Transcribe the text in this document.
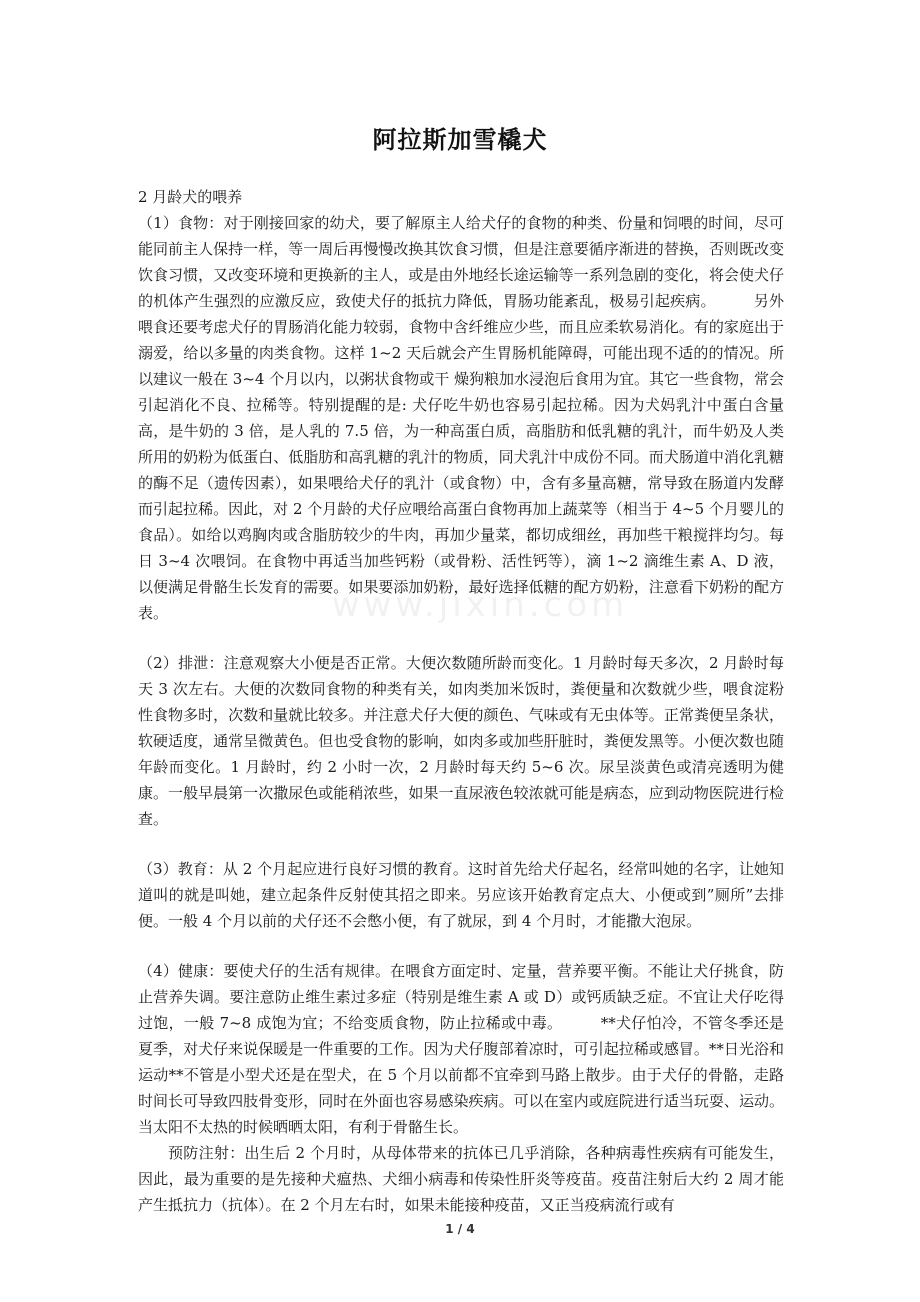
www.jixin.com
阿拉斯加雪橇犬

2 月龄犬的喂养

（1）食物：对于刚接回家的幼犬，要了解原主人给犬仔的食物的种类、份量和饲喂的时间，尽可能同前主人保持一样，等一周后再慢慢改换其饮食习惯，但是注意要循序渐进的替换，否则既改变饮食习惯，又改变环境和更换新的主人，或是由外地经长途运输等一系列急剧的变化，将会使犬仔的机体产生强烈的应激反应，致使犬仔的抵抗力降低，胃肠功能紊乱，极易引起疾病。　　　另外喂食还要考虑犬仔的胃肠消化能力较弱，食物中含纤维应少些，而且应柔软易消化。有的家庭出于溺爱，给以多量的肉类食物。这样 1~2 天后就会产生胃肠机能障碍，可能出现不适的的情况。所以建议一般在 3~4 个月以内，以粥状食物或干 燥狗粮加水浸泡后食用为宜。其它一些食物，常会引起消化不良、拉稀等。特别提醒的是: 犬仔吃牛奶也容易引起拉稀。因为犬妈乳汁中蛋白含量高，是牛奶的 3 倍，是人乳的 7.5 倍，为一种高蛋白质，高脂肪和低乳糖的乳汁，而牛奶及人类所用的奶粉为低蛋白、低脂肪和高乳糖的乳汁的物质，同犬乳汁中成份不同。而犬肠道中消化乳糖的酶不足（遗传因素），如果喂给犬仔的乳汁（或食物）中，含有多量高糖，常导致在肠道内发酵而引起拉稀。因此，对 2 个月龄的犬仔应喂给高蛋白食物再加上蔬菜等（相当于 4~5 个月婴儿的食品）。如给以鸡胸肉或含脂肪较少的牛肉，再加少量菜，都切成细丝，再加些干粮搅拌均匀。每日 3~4 次喂饲。在食物中再适当加些钙粉（或骨粉、活性钙等），滴 1~2 滴维生素 A、D 液，以便满足骨骼生长发育的需要。如果要添加奶粉，最好选择低糖的配方奶粉，注意看下奶粉的配方表。

（2）排泄：注意观察大小便是否正常。大便次数随所龄而变化。1 月龄时每天多次，2 月龄时每天 3 次左右。大便的次数同食物的种类有关，如肉类加米饭时，粪便量和次数就少些，喂食淀粉性食物多时，次数和量就比较多。并注意犬仔大便的颜色、气味或有无虫体等。正常粪便呈条状，软硬适度，通常呈微黄色。但也受食物的影响，如肉多或加些肝脏时，粪便发黑等。小便次数也随年龄而变化。1 月龄时，约 2 小时一次，2 月龄时每天约 5~6 次。尿呈淡黄色或清亮透明为健康。一般早晨第一次撒尿色或能稍浓些，如果一直尿液色较浓就可能是病态，应到动物医院进行检查。

（3）教育：从 2 个月起应进行良好习惯的教育。这时首先给犬仔起名，经常叫她的名字，让她知道叫的就是叫她，建立起条件反射使其招之即来。另应该开始教育定点大、小便或到”厕所”去排便。一般 4 个月以前的犬仔还不会憋小便，有了就尿，到 4 个月时，才能撒大泡尿。

（4）健康：要使犬仔的生活有规律。在喂食方面定时、定量，营养要平衡。不能让犬仔挑食，防止营养失调。要注意防止维生素过多症（特别是维生素 A 或 D）或钙质缺乏症。不宜让犬仔吃得过饱，一般 7~8 成饱为宜；不给变质食物，防止拉稀或中毒。　　　**犬仔怕冷，不管冬季还是夏季，对犬仔来说保暖是一件重要的工作。因为犬仔腹部着凉时，可引起拉稀或感冒。**日光浴和运动**不管是小型犬还是在型犬，在 5 个月以前都不宜牵到马路上散步。由于犬仔的骨骼，走路时间长可导致四肢骨变形，同时在外面也容易感染疾病。可以在室内或庭院进行适当玩耍、运动。当太阳不太热的时候晒晒太阳，有利于骨骼生长。

预防注射：出生后 2 个月时，从母体带来的抗体已几乎消除，各种病毒性疾病有可能发生，因此，最为重要的是先接种犬瘟热、犬细小病毒和传染性肝炎等疫苗。疫苗注射后大约 2 周才能产生抵抗力（抗体）。在 2 个月左右时，如果未能接种疫苗，又正当疫病流行或有

1 / 4
